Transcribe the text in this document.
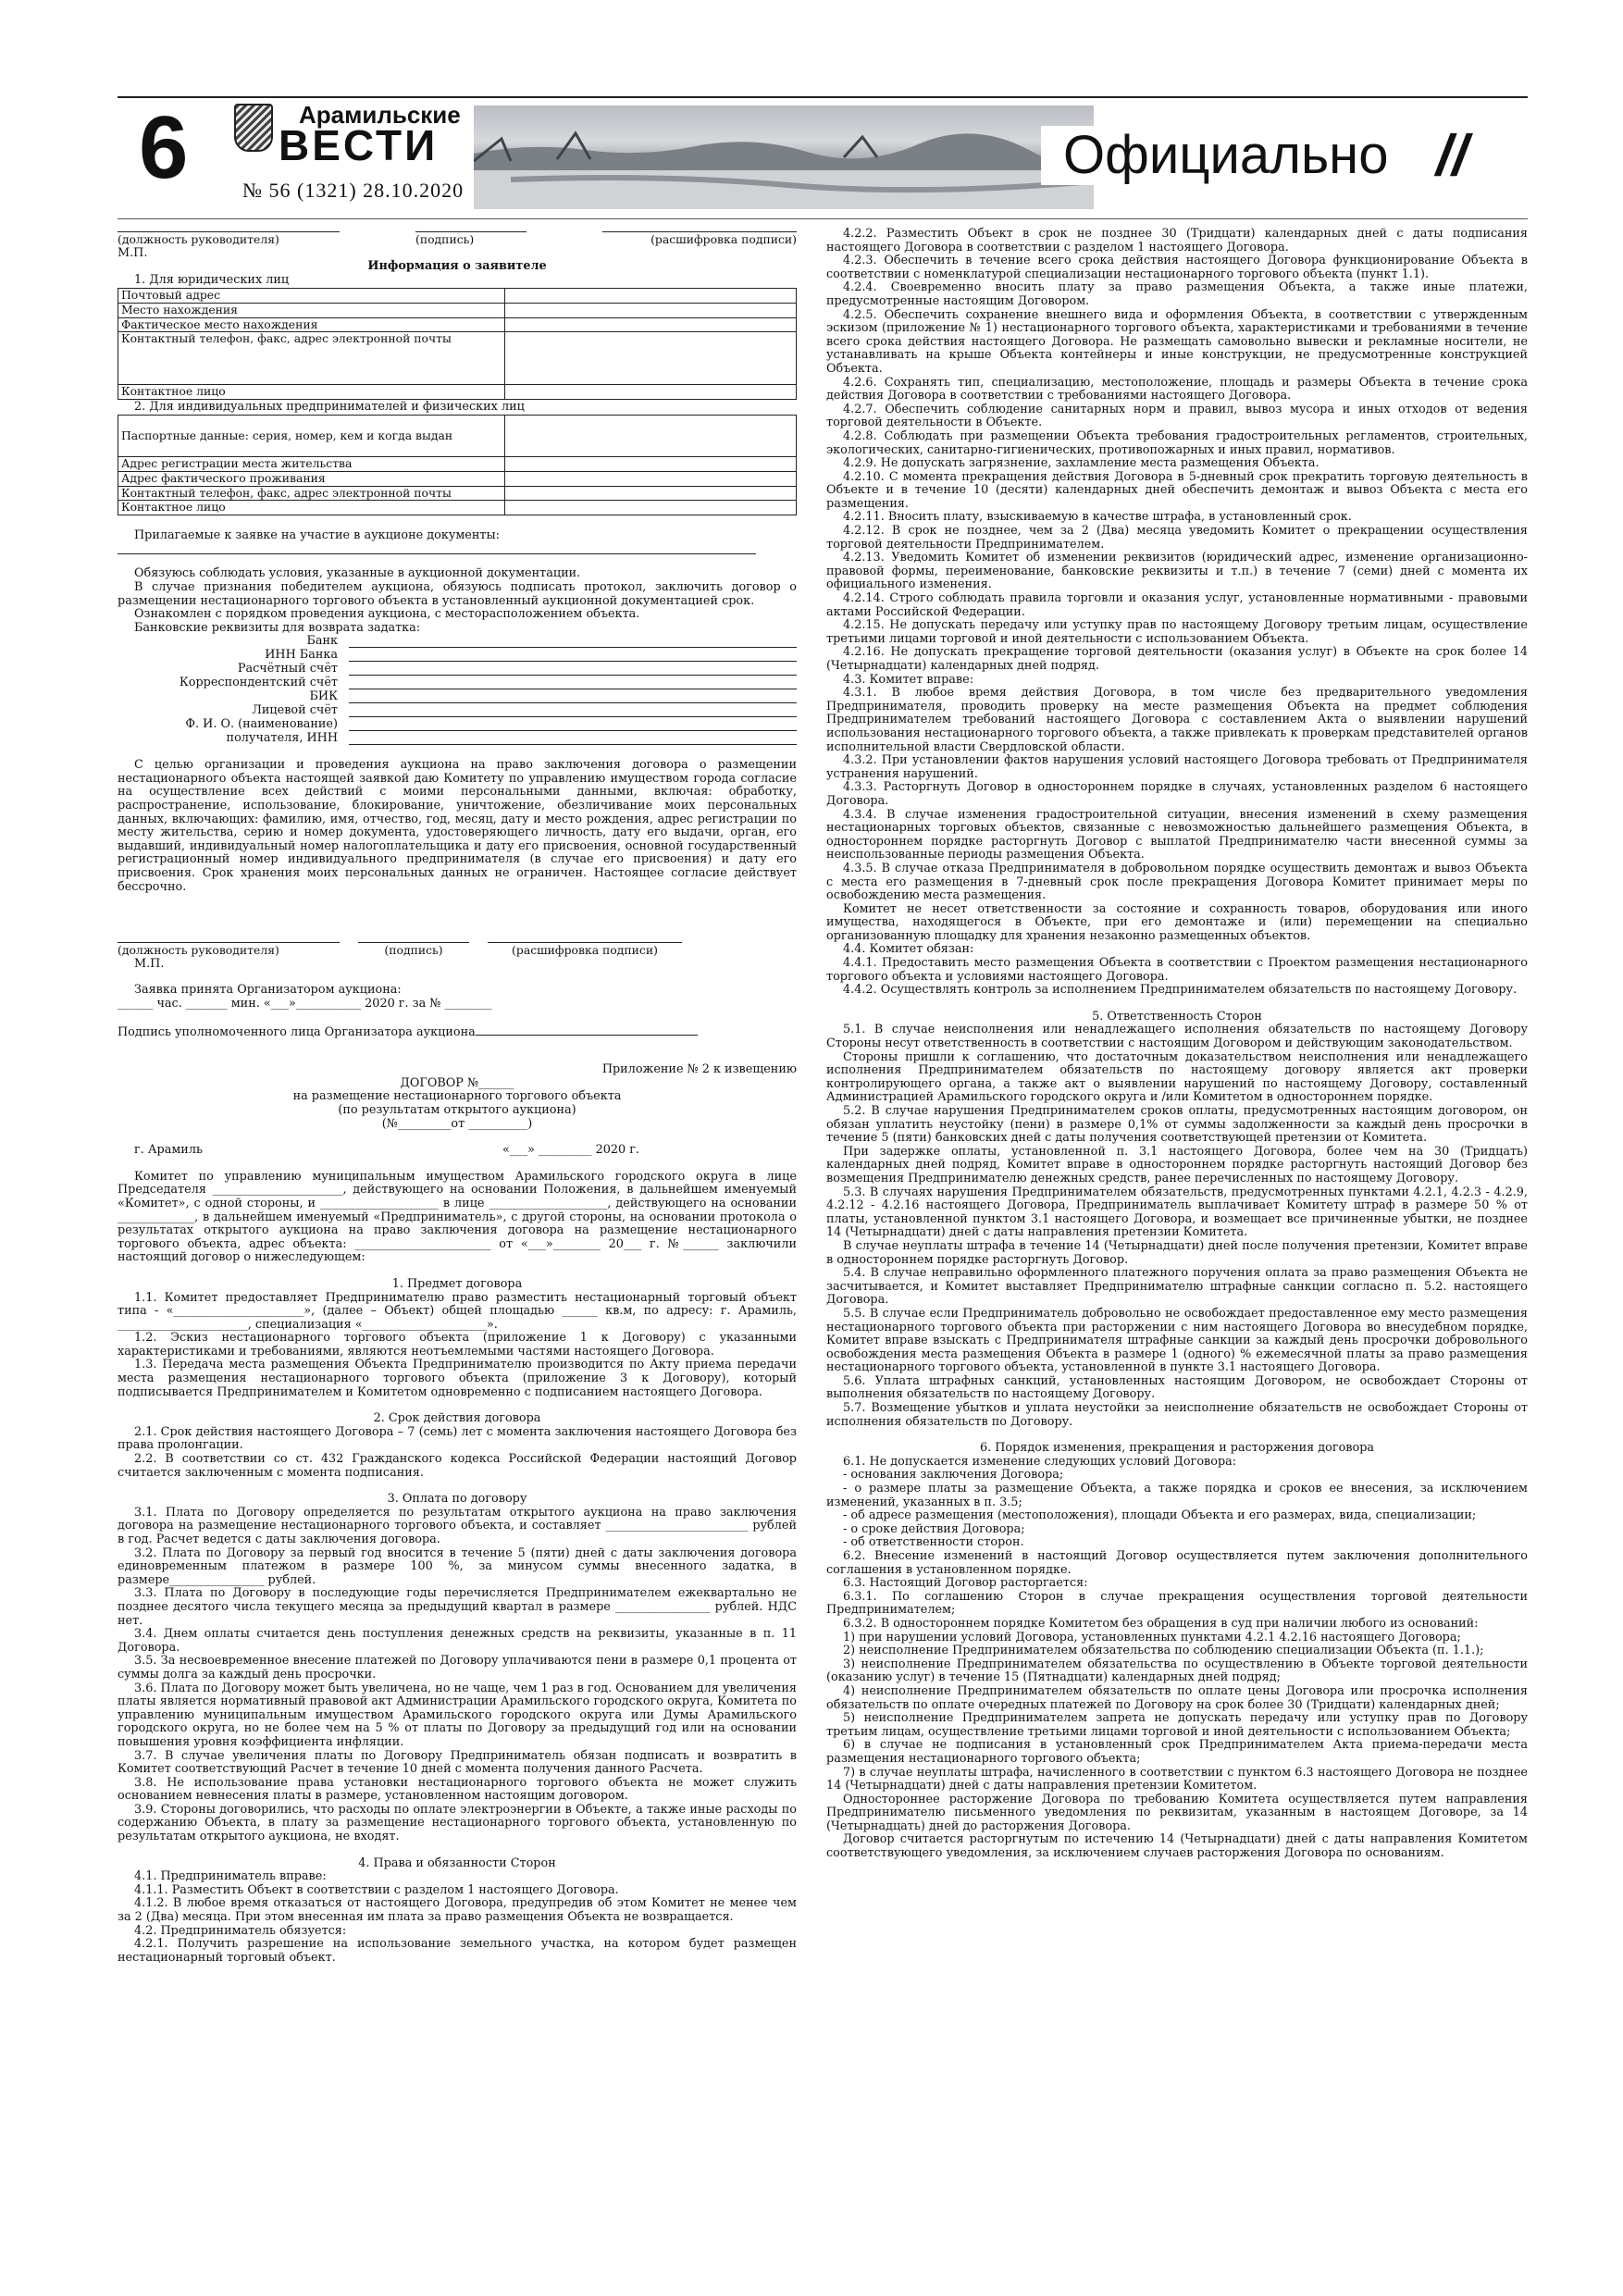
6	Арамильские
ВЕСТИ
№ 56 (1321) 28.10.2020
Официально //
(должность руководителя)	(подпись)	(расшифровка подписи)

М.П.

Информация о заявителе

1. Для юридических лиц

Почтовый адрес	
Место нахождения	
Фактическое место нахождения	
Контактный телефон, факс, адрес электронной почты	
Контактное лицо	

2. Для индивидуальных предпринимателей и физических лиц

Паспортные данные: серия, номер, кем и когда выдан	
Адрес регистрации места жительства	
Адрес фактического проживания	
Контактный телефон, факс, адрес электронной почты	
Контактное лицо	

Прилагаемые к заявке на участие в аукционе документы:

Обязуюсь соблюдать условия, указанные в аукционной документации.

В случае признания победителем аукциона, обязуюсь подписать протокол, заключить договор о размещении нестационарного торгового объекта в установленный аукционной документацией срок.

Ознакомлен с порядком проведения аукциона, с месторасположением объекта.

Банковские реквизиты для возврата задатка:

Банк
ИНН Банка
Расчётный счёт
Корреспондентский счёт
БИК
Лицевой счёт
Ф. И. О. (наименование)
получателя, ИНН

С целью организации и проведения аукциона на право заключения договора о размещении нестационарного объекта настоящей заявкой даю Комитету по управлению имуществом города согласие на осуществление всех действий с моими персональными данными, включая: обработку, распространение, использование, блокирование, уничтожение, обезличивание моих персональных данных, включающих: фамилию, имя, отчество, год, месяц, дату и место рождения, адрес регистрации по месту жительства, серию и номер документа, удостоверяющего личность, дату его выдачи, орган, его выдавший, индивидуальный номер налогоплательщика и дату его присвоения, основной государственный регистрационный номер индивидуального предпринимателя (в случае его присвоения) и дату его присвоения. Срок хранения моих персональных данных не ограничен. Настоящее согласие действует бессрочно.

(должность руководителя)	(подпись)	(расшифровка подписи)

М.П.

Заявка принята Организатором аукциона:

______ час. _______ мин. «___»___________ 2020 г. за № ________

Подпись уполномоченного лица Организатора аукциона

Приложение № 2 к извещению

ДОГОВОР №______

на размещение нестационарного торгового объекта

(по результатам открытого аукциона)

(№_________от __________)

г. Арамиль	«___» _________ 2020 г.

Комитет по управлению муниципальным имуществом Арамильского городского округа в лице Председателя ______________________, действующего на основании Положения, в дальнейшем именуемый «Комитет», с одной стороны, и ____________________ в лице ____________________, действующего на основании _____________, в дальнейшем именуемый «Предприниматель», с другой стороны, на основании протокола о результатах открытого аукциона на право заключения договора на размещение нестационарного торгового объекта, адрес объекта: _______________________ от «___»________ 20___ г. №______ заключили настоящий договор о нижеследующем:

1. Предмет договора

1.1. Комитет предоставляет Предпринимателю право разместить нестационарный торговый объект типа - «______________________», (далее – Объект) общей площадью ______ кв.м, по адресу: г. Арамиль, ______________________, специализация «_____________________».

1.2. Эскиз нестационарного торгового объекта (приложение 1 к Договору) с указанными характеристиками и требованиями, являются неотъемлемыми частями настоящего Договора.

1.3. Передача места размещения Объекта Предпринимателю производится по Акту приема передачи места размещения нестационарного торгового объекта (приложение 3 к Договору), который подписывается Предпринимателем и Комитетом одновременно с подписанием настоящего Договора.

2. Срок действия договора

2.1. Срок действия настоящего Договора – 7 (семь) лет с момента заключения настоящего Договора без права пролонгации.

2.2. В соответствии со ст. 432 Гражданского кодекса Российской Федерации настоящий Договор считается заключенным с момента подписания.

3. Оплата по договору

3.1. Плата по Договору определяется по результатам открытого аукциона на право заключения договора на размещение нестационарного торгового объекта, и составляет ________________________ рублей в год. Расчет ведется с даты заключения договора.

3.2. Плата по Договору за первый год вносится в течение 5 (пяти) дней с даты заключения договора единовременным платежом в размере 100 %, за минусом суммы внесенного задатка, в размере________________ рублей.

3.3. Плата по Договору в последующие годы перечисляется Предпринимателем ежеквартально не позднее десятого числа текущего месяца за предыдущий квартал в размере ________________ рублей. НДС нет.

3.4. Днем оплаты считается день поступления денежных средств на реквизиты, указанные в п. 11 Договора.

3.5. За несвоевременное внесение платежей по Договору уплачиваются пени в размере 0,1 процента от суммы долга за каждый день просрочки.

3.6. Плата по Договору может быть увеличена, но не чаще, чем 1 раз в год. Основанием для увеличения платы является нормативный правовой акт Администрации Арамильского городского округа, Комитета по управлению муниципальным имуществом Арамильского городского округа или Думы Арамильского городского округа, но не более чем на 5 % от платы по Договору за предыдущий год или на основании повышения уровня коэффициента инфляции.

3.7. В случае увеличения платы по Договору Предприниматель обязан подписать и возвратить в Комитет соответствующий Расчет в течение 10 дней с момента получения данного Расчета.

3.8. Не использование права установки нестационарного торгового объекта не может служить основанием невнесения платы в размере, установленном настоящим договором.

3.9. Стороны договорились, что расходы по оплате электроэнергии в Объекте, а также иные расходы по содержанию Объекта, в плату за размещение нестационарного торгового объекта, установленную по результатам открытого аукциона, не входят.

4. Права и обязанности Сторон

4.1. Предприниматель вправе:

4.1.1. Разместить Объект в соответствии с разделом 1 настоящего Договора.

4.1.2. В любое время отказаться от настоящего Договора, предупредив об этом Комитет не менее чем за 2 (Два) месяца. При этом внесенная им плата за право размещения Объекта не возвращается.

4.2. Предприниматель обязуется:

4.2.1. Получить разрешение на использование земельного участка, на котором будет размещен нестационарный торговый объект.

4.2.2. Разместить Объект в срок не позднее 30 (Тридцати) календарных дней с даты подписания настоящего Договора в соответствии с разделом 1 настоящего Договора.

4.2.3. Обеспечить в течение всего срока действия настоящего Договора функционирование Объекта в соответствии с номенклатурой специализации нестационарного торгового объекта (пункт 1.1).

4.2.4. Своевременно вносить плату за право размещения Объекта, а также иные платежи, предусмотренные настоящим Договором.

4.2.5. Обеспечить сохранение внешнего вида и оформления Объекта, в соответствии с утвержденным эскизом (приложение № 1) нестационарного торгового объекта, характеристиками и требованиями в течение всего срока действия настоящего Договора. Не размещать самовольно вывески и рекламные носители, не устанавливать на крыше Объекта контейнеры и иные конструкции, не предусмотренные конструкцией Объекта.

4.2.6. Сохранять тип, специализацию, местоположение, площадь и размеры Объекта в течение срока действия Договора в соответствии с требованиями настоящего Договора.

4.2.7. Обеспечить соблюдение санитарных норм и правил, вывоз мусора и иных отходов от ведения торговой деятельности в Объекте.

4.2.8. Соблюдать при размещении Объекта требования градостроительных регламентов, строительных, экологических, санитарно-гигиенических, противопожарных и иных правил, нормативов.

4.2.9. Не допускать загрязнение, захламление места размещения Объекта.

4.2.10. С момента прекращения действия Договора в 5-дневный срок прекратить торговую деятельность в Объекте и в течение 10 (десяти) календарных дней обеспечить демонтаж и вывоз Объекта с места его размещения.

4.2.11. Вносить плату, взыскиваемую в качестве штрафа, в установленный срок.

4.2.12. В срок не позднее, чем за 2 (Два) месяца уведомить Комитет о прекращении осуществления торговой деятельности Предпринимателем.

4.2.13. Уведомить Комитет об изменении реквизитов (юридический адрес, изменение организационно-правовой формы, переименование, банковские реквизиты и т.п.) в течение 7 (семи) дней с момента их официального изменения.

4.2.14. Строго соблюдать правила торговли и оказания услуг, установленные нормативными - правовыми актами Российской Федерации.

4.2.15. Не допускать передачу или уступку прав по настоящему Договору третьим лицам, осуществление третьими лицами торговой и иной деятельности с использованием Объекта.

4.2.16. Не допускать прекращение торговой деятельности (оказания услуг) в Объекте на срок более 14 (Четырнадцати) календарных дней подряд.

4.3. Комитет вправе:

4.3.1. В любое время действия Договора, в том числе без предварительного уведомления Предпринимателя, проводить проверку на месте размещения Объекта на предмет соблюдения Предпринимателем требований настоящего Договора с составлением Акта о выявлении нарушений использования нестационарного торгового объекта, а также привлекать к проверкам представителей органов исполнительной власти Свердловской области.

4.3.2. При установлении фактов нарушения условий настоящего Договора требовать от Предпринимателя устранения нарушений.

4.3.3. Расторгнуть Договор в одностороннем порядке в случаях, установленных разделом 6 настоящего Договора.

4.3.4. В случае изменения градостроительной ситуации, внесения изменений в схему размещения нестационарных торговых объектов, связанные с невозможностью дальнейшего размещения Объекта, в одностороннем порядке расторгнуть Договор с выплатой Предпринимателю части внесенной суммы за неиспользованные периоды размещения Объекта.

4.3.5. В случае отказа Предпринимателя в добровольном порядке осуществить демонтаж и вывоз Объекта с места его размещения в 7-дневный срок после прекращения Договора Комитет принимает меры по освобождению места размещения.

Комитет не несет ответственности за состояние и сохранность товаров, оборудования или иного имущества, находящегося в Объекте, при его демонтаже и (или) перемещении на специально организованную площадку для хранения незаконно размещенных объектов.

4.4. Комитет обязан:

4.4.1. Предоставить место размещения Объекта в соответствии с Проектом размещения нестационарного торгового объекта и условиями настоящего Договора.

4.4.2. Осуществлять контроль за исполнением Предпринимателем обязательств по настоящему Договору.

5. Ответственность Сторон

5.1. В случае неисполнения или ненадлежащего исполнения обязательств по настоящему Договору Стороны несут ответственность в соответствии с настоящим Договором и действующим законодательством.

Стороны пришли к соглашению, что достаточным доказательством неисполнения или ненадлежащего исполнения Предпринимателем обязательств по настоящему договору является акт проверки контролирующего органа, а также акт о выявлении нарушений по настоящему Договору, составленный Администрацией Арамильского городского округа и /или Комитетом в одностороннем порядке.

5.2. В случае нарушения Предпринимателем сроков оплаты, предусмотренных настоящим договором, он обязан уплатить неустойку (пени) в размере 0,1% от суммы задолженности за каждый день просрочки в течение 5 (пяти) банковских дней с даты получения соответствующей претензии от Комитета.

При задержке оплаты, установленной п. 3.1 настоящего Договора, более чем на 30 (Тридцать) календарных дней подряд, Комитет вправе в одностороннем порядке расторгнуть настоящий Договор без возмещения Предпринимателю денежных средств, ранее перечисленных по настоящему Договору.

5.3. В случаях нарушения Предпринимателем обязательств, предусмотренных пунктами 4.2.1, 4.2.3 - 4.2.9, 4.2.12 - 4.2.16 настоящего Договора, Предприниматель выплачивает Комитету штраф в размере 50 % от платы, установленной пунктом 3.1 настоящего Договора, и возмещает все причиненные убытки, не позднее 14 (Четырнадцати) дней с даты направления претензии Комитета.

В случае неуплаты штрафа в течение 14 (Четырнадцати) дней после получения претензии, Комитет вправе в одностороннем порядке расторгнуть Договор.

5.4. В случае неправильно оформленного платежного поручения оплата за право размещения Объекта не засчитывается, и Комитет выставляет Предпринимателю штрафные санкции согласно п. 5.2. настоящего Договора.

5.5. В случае если Предприниматель добровольно не освобождает предоставленное ему место размещения нестационарного торгового объекта при расторжении с ним настоящего Договора во внесудебном порядке, Комитет вправе взыскать с Предпринимателя штрафные санкции за каждый день просрочки добровольного освобождения места размещения Объекта в размере 1 (одного) % ежемесячной платы за право размещения нестационарного торгового объекта, установленной в пункте 3.1 настоящего Договора.

5.6. Уплата штрафных санкций, установленных настоящим Договором, не освобождает Стороны от выполнения обязательств по настоящему Договору.

5.7. Возмещение убытков и уплата неустойки за неисполнение обязательств не освобождает Стороны от исполнения обязательств по Договору.

6. Порядок изменения, прекращения и расторжения договора

6.1. Не допускается изменение следующих условий Договора:

- основания заключения Договора;

- о размере платы за размещение Объекта, а также порядка и сроков ее внесения, за исключением изменений, указанных в п. 3.5;

- об адресе размещения (местоположения), площади Объекта и его размерах, вида, специализации;

- о сроке действия Договора;

- об ответственности сторон.

6.2. Внесение изменений в настоящий Договор осуществляется путем заключения дополнительного соглашения в установленном порядке.

6.3. Настоящий Договор расторгается:

6.3.1. По соглашению Сторон в случае прекращения осуществления торговой деятельности Предпринимателем;

6.3.2. В одностороннем порядке Комитетом без обращения в суд при наличии любого из оснований:

1) при нарушении условий Договора, установленных пунктами 4.2.1 4.2.16 настоящего Договора;

2) неисполнение Предпринимателем обязательства по соблюдению специализации Объекта (п. 1.1.);

3) неисполнение Предпринимателем обязательства по осуществлению в Объекте торговой деятельности (оказанию услуг) в течение 15 (Пятнадцати) календарных дней подряд;

4) неисполнение Предпринимателем обязательств по оплате цены Договора или просрочка исполнения обязательств по оплате очередных платежей по Договору на срок более 30 (Тридцати) календарных дней;

5) неисполнение Предпринимателем запрета не допускать передачу или уступку прав по Договору третьим лицам, осуществление третьими лицами торговой и иной деятельности с использованием Объекта;

6) в случае не подписания в установленный срок Предпринимателем Акта приема-передачи места размещения нестационарного торгового объекта;

7) в случае неуплаты штрафа, начисленного в соответствии с пунктом 6.3 настоящего Договора не позднее 14 (Четырнадцати) дней с даты направления претензии Комитетом.

Одностороннее расторжение Договора по требованию Комитета осуществляется путем направления Предпринимателю письменного уведомления по реквизитам, указанным в настоящем Договоре, за 14 (Четырнадцать) дней до расторжения Договора.

Договор считается расторгнутым по истечению 14 (Четырнадцати) дней с даты направления Комитетом соответствующего уведомления, за исключением случаев расторжения Договора по основаниям.
